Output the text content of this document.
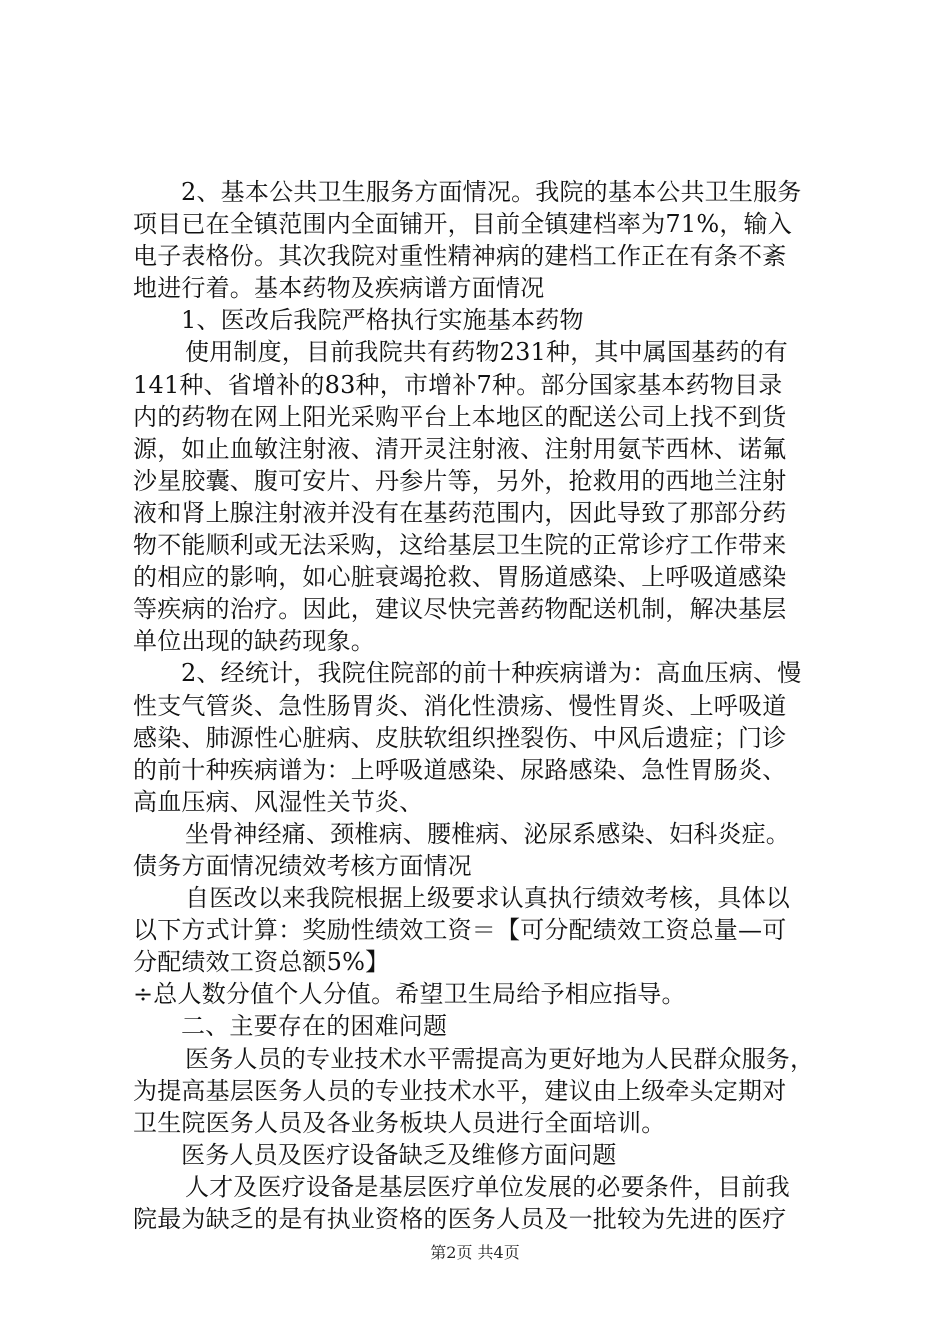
2、基本公共卫生服务方面情况。我院的基本公共卫生服务
项目已在全镇范围内全面铺开，目前全镇建档率为71%，输入
电子表格份。其次我院对重性精神病的建档工作正在有条不紊
地进行着。基本药物及疾病谱方面情况
1、医改后我院严格执行实施基本药物
使用制度，目前我院共有药物231种，其中属国基药的有
141种、省增补的83种，市增补7种。部分国家基本药物目录
内的药物在网上阳光采购平台上本地区的配送公司上找不到货
源，如止血敏注射液、清开灵注射液、注射用氨苄西林、诺氟
沙星胶囊、腹可安片、丹参片等，另外，抢救用的西地兰注射
液和肾上腺注射液并没有在基药范围内，因此导致了那部分药
物不能顺利或无法采购，这给基层卫生院的正常诊疗工作带来
的相应的影响，如心脏衰竭抢救、胃肠道感染、上呼吸道感染
等疾病的治疗。因此，建议尽快完善药物配送机制，解决基层
单位出现的缺药现象。
2、经统计，我院住院部的前十种疾病谱为：高血压病、慢
性支气管炎、急性肠胃炎、消化性溃疡、慢性胃炎、上呼吸道
感染、肺源性心脏病、皮肤软组织挫裂伤、中风后遗症；门诊
的前十种疾病谱为：上呼吸道感染、尿路感染、急性胃肠炎、
高血压病、风湿性关节炎、
坐骨神经痛、颈椎病、腰椎病、泌尿系感染、妇科炎症。
债务方面情况绩效考核方面情况
自医改以来我院根据上级要求认真执行绩效考核，具体以
以下方式计算：奖励性绩效工资＝【可分配绩效工资总量—可
分配绩效工资总额5%】
÷总人数分值个人分值。希望卫生局给予相应指导。
二、主要存在的困难问题
医务人员的专业技术水平需提高为更好地为人民群众服务，
为提高基层医务人员的专业技术水平，建议由上级牵头定期对
卫生院医务人员及各业务板块人员进行全面培训。
医务人员及医疗设备缺乏及维修方面问题
人才及医疗设备是基层医疗单位发展的必要条件，目前我
院最为缺乏的是有执业资格的医务人员及一批较为先进的医疗
第2页 共4页
